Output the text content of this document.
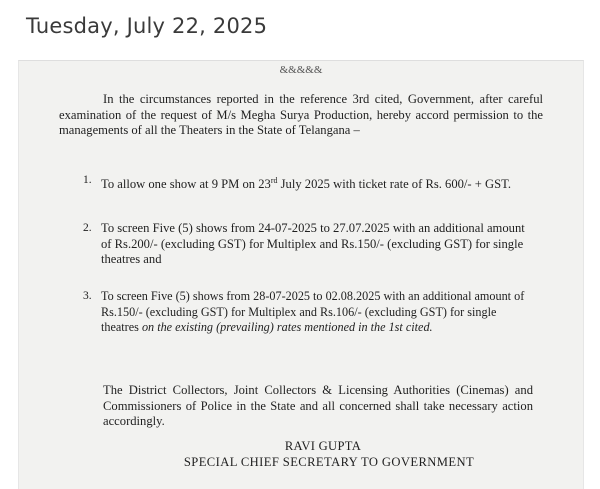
Tuesday, July 22, 2025
&&&&&

In the circumstances reported in the reference 3rd cited, Government, after careful examination of the request of M/s Megha Surya Production, hereby accord permission to the managements of all the Theaters in the State of Telangana –

1. To allow one show at 9 PM on 23rd July 2025 with ticket rate of Rs. 600/- + GST.
2. To screen Five (5) shows from 24-07-2025 to 27.07.2025 with an additional amount of Rs.200/- (excluding GST) for Multiplex and Rs.150/- (excluding GST) for single theatres and
3. To screen Five (5) shows from 28-07-2025 to 02.08.2025 with an additional amount of Rs.150/- (excluding GST) for Multiplex and Rs.106/- (excluding GST) for single theatres on the existing (prevailing) rates mentioned in the 1st cited.

The District Collectors, Joint Collectors & Licensing Authorities (Cinemas) and Commissioners of Police in the State and all concerned shall take necessary action accordingly.

RAVI GUPTA
SPECIAL CHIEF SECRETARY TO GOVERNMENT
